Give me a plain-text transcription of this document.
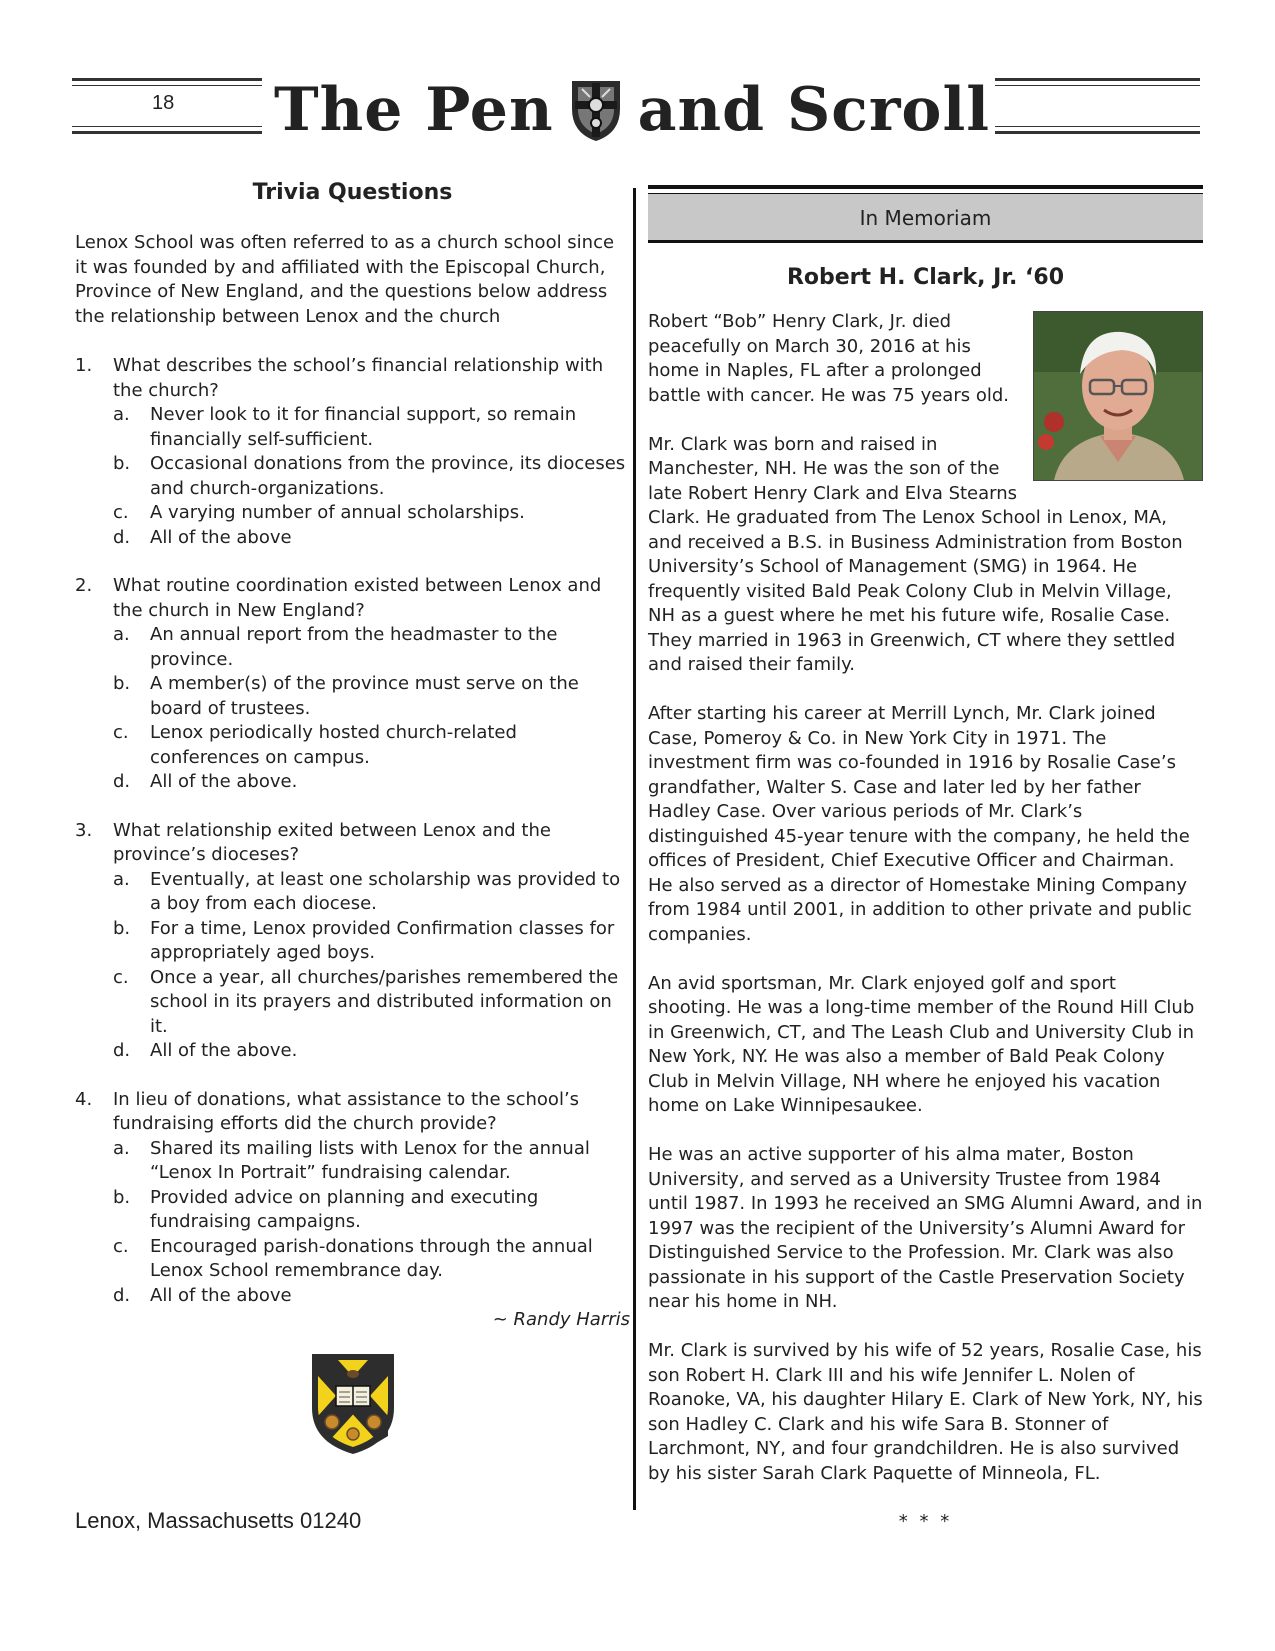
18 The Pen and Scroll
Trivia Questions

Lenox School was often referred to as a church school since it was founded by and affiliated with the Episcopal Church, Province of New England, and the questions below address the relationship between Lenox and the church

1.	What describes the school’s financial relationship with the church?
a.	Never look to it for financial support, so remain financially self-sufficient.
b.	Occasional donations from the province, its dioceses and church-organizations.
c.	A varying number of annual scholarships.
d.	All of the above
2.	What routine coordination existed between Lenox and the church in New England?
a.	An annual report from the headmaster to the province.
b.	A member(s) of the province must serve on the board of trustees.
c.	Lenox periodically hosted church-related conferences on campus.
d.	All of the above.
3.	What relationship exited between Lenox and the province’s dioceses?
a.	Eventually, at least one scholarship was provided to a boy from each diocese.
b.	For a time, Lenox provided Confirmation classes for appropriately aged boys.
c.	Once a year, all churches/parishes remembered the school in its prayers and distributed information on it.
d.	All of the above.
4.	In lieu of donations, what assistance to the school’s fundraising efforts did the church provide?
a.	Shared its mailing lists with Lenox for the annual “Lenox In Portrait” fundraising calendar.
b.	Provided advice on planning and executing fundraising campaigns.
c.	Encouraged parish-donations through the annual Lenox School remembrance day.
d.	All of the above
~ Randy Harris
Lenox, Massachusetts 01240
In Memoriam
Robert H. Clark, Jr. ‘60

Robert “Bob” Henry Clark, Jr. died peacefully on March 30, 2016 at his home in Naples, FL after a prolonged battle with cancer. He was 75 years old.

Mr. Clark was born and raised in Manchester, NH. He was the son of the late Robert Henry Clark and Elva Stearns Clark. He graduated from The Lenox School in Lenox, MA, and received a B.S. in Business Administration from Boston University’s School of Management (SMG) in 1964. He frequently visited Bald Peak Colony Club in Melvin Village, NH as a guest where he met his future wife, Rosalie Case. They married in 1963 in Greenwich, CT where they settled and raised their family.

After starting his career at Merrill Lynch, Mr. Clark joined Case, Pomeroy & Co. in New York City in 1971. The investment firm was co-founded in 1916 by Rosalie Case’s grandfather, Walter S. Case and later led by her father Hadley Case. Over various periods of Mr. Clark’s distinguished 45-year tenure with the company, he held the offices of President, Chief Executive Officer and Chairman. He also served as a director of Homestake Mining Company from 1984 until 2001, in addition to other private and public companies.

An avid sportsman, Mr. Clark enjoyed golf and sport shooting. He was a long-time member of the Round Hill Club in Greenwich, CT, and The Leash Club and University Club in New York, NY. He was also a member of Bald Peak Colony Club in Melvin Village, NH where he enjoyed his vacation home on Lake Winnipesaukee.

He was an active supporter of his alma mater, Boston University, and served as a University Trustee from 1984 until 1987. In 1993 he received an SMG Alumni Award, and in 1997 was the recipient of the University’s Alumni Award for Distinguished Service to the Profession. Mr. Clark was also passionate in his support of the Castle Preservation Society near his home in NH.

Mr. Clark is survived by his wife of 52 years, Rosalie Case, his son Robert H. Clark III and his wife Jennifer L. Nolen of Roanoke, VA, his daughter Hilary E. Clark of New York, NY, his son Hadley C. Clark and his wife Sara B. Stonner of Larchmont, NY, and four grandchildren. He is also survived by his sister Sarah Clark Paquette of Minneola, FL.

* * *
